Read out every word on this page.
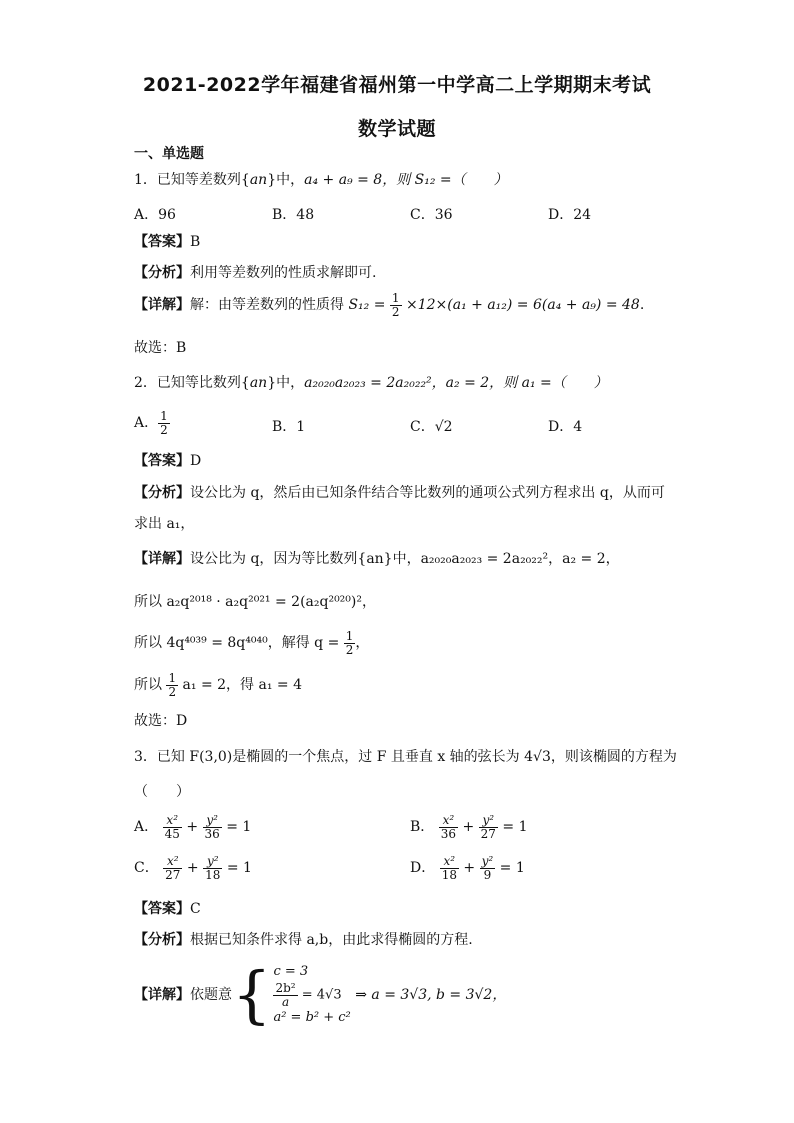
2021-2022学年福建省福州第一中学高二上学期期末考试
数学试题
一、单选题
1．已知等差数列{an}中，a₄ + a₉ = 8，则 S₁₂ =（　　）
A．96	B．48	C．36	D．24
【答案】B
【分析】利用等差数列的性质求解即可.
【详解】解：由等差数列的性质得 $S_{12} = \frac{1}{2} \times 12\times(a_1 + a_{12}) = 6(a_4 + a_9) = 48$.
故选：B
2．已知等比数列{an}中，a₂₀₂₀a₂₀₂₃ = 2a₂₀₂₂²，a₂ = 2，则 a₁ =（　　）
A． $\frac{1}{2}$	B．1	C．√2	D．4
【答案】D
【分析】设公比为 q，然后由已知条件结合等比数列的通项公式列方程求出 q，从而可
求出 a₁，
【详解】设公比为 q，因为等比数列{an}中，a₂₀₂₀a₂₀₂₃ = 2a₂₀₂₂²，a₂ = 2，
所以 a₂q²⁰¹⁸ · a₂q²⁰²¹ = 2(a₂q²⁰²⁰)²，
所以 4q⁴⁰³⁹ = 8q⁴⁰⁴⁰，解得 $q = \frac{1}{2}$ ，
所以 $\frac{1}{2} a_1 = 2$，得 a₁ = 4
故选：D
3．已知 F(3,0)是椭圆的一个焦点，过 F 且垂直 x 轴的弦长为 4√3，则该椭圆的方程为
（　　）
A． $\frac{\text{x²}}{45} + \frac{\text{y²}}{36} = 1$	B． $\frac{\text{x²}}{36} + \frac{\text{y²}}{27} = 1$
C． $\frac{\text{x²}}{27} + \frac{\text{y²}}{18} = 1$	D． $\frac{\text{x²}}{18} + \frac{\text{y²}}{9} = 1$
【答案】C
【分析】根据已知条件求得 a,b，由此求得椭圆的方程.
【详解】依题意{ c = 3
$\frac{\text{2b²}}{a} = 4√3$
a² = b² + c²
⇒ a = 3√3, b = 3√2，
